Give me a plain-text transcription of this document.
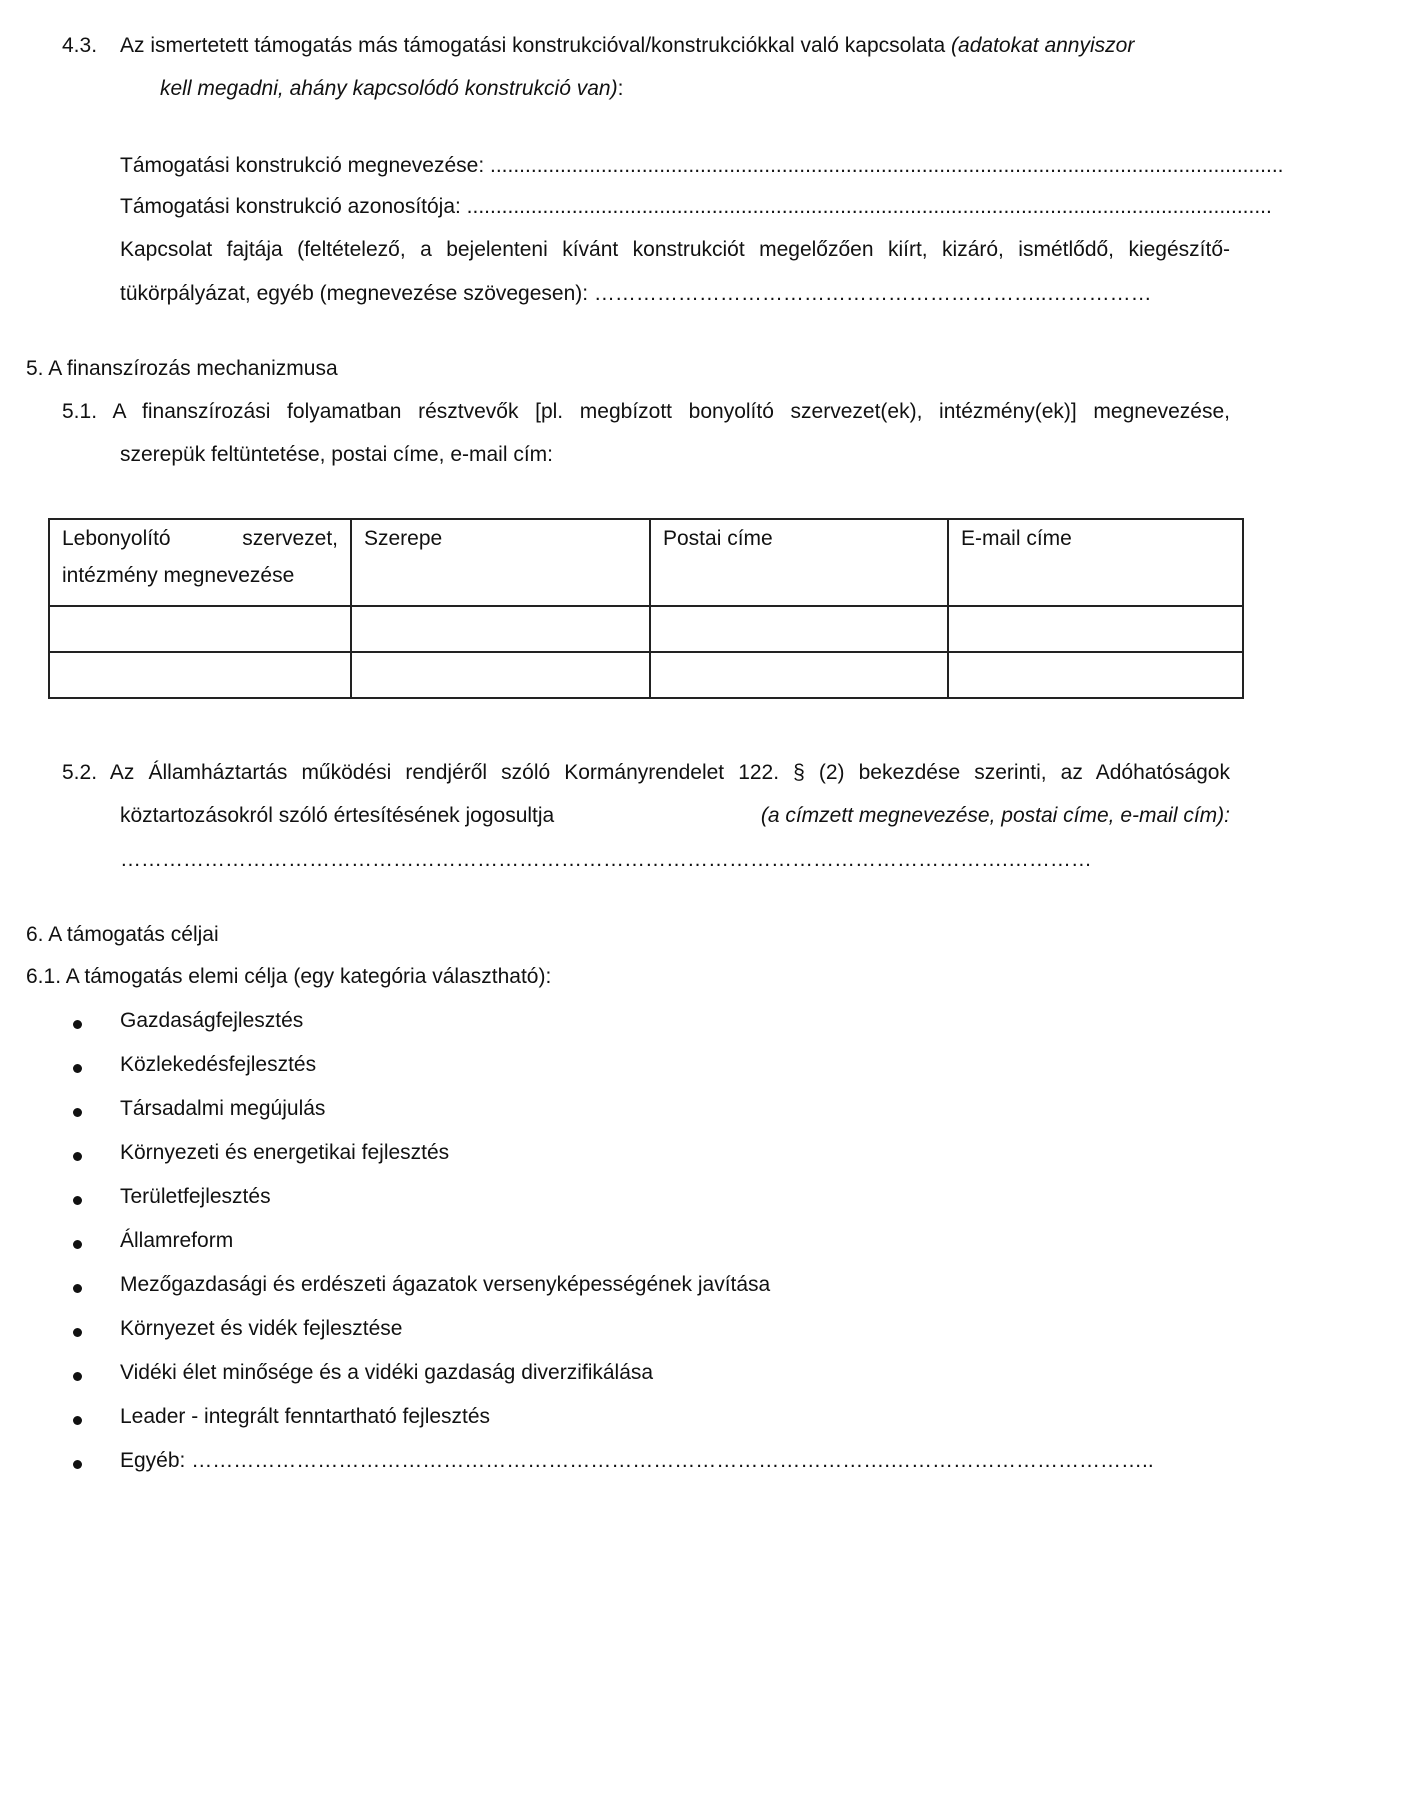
4.3. Az ismertetett támogatás más támogatási konstrukcióval/konstrukciókkal való kapcsolata (adatokat annyiszor
kell megadni, ahány kapcsolódó konstrukció van):
Támogatási konstrukció megnevezése: ........................................................................................................................................
Támogatási konstrukció azonosítója: ..........................................................................................................................................
Kapcsolat fajtája (feltételező, a bejelenteni kívánt konstrukciót megelőzően kiírt, kizáró, ismétlődő, kiegészítő-
tükörpályázat, egyéb (megnevezése szövegesen): ………………………………………………………..……………
5. A finanszírozás mechanizmusa
5.1. A finanszírozási folyamatban résztvevők [pl. megbízott bonyolító szervezet(ek), intézmény(ek)] megnevezése,
szerepük feltüntetése, postai címe, e-mail cím:
Lebonyolító szervezet,
intézmény megnevezése	Szerepe	Postai címe	E-mail címe

5.2. Az Államháztartás működési rendjéről szóló Kormányrendelet 122. § (2) bekezdése szerinti, az Adóhatóságok
köztartozásokról szóló értesítésének jogosultja	(a címzett megnevezése, postai címe, e-mail cím):
……………………………………………………………………………………………………………….…………
6. A támogatás céljai
6.1. A támogatás elemi célja (egy kategória választható):
Gazdaságfejlesztés
Közlekedésfejlesztés
Társadalmi megújulás
Környezeti és energetikai fejlesztés
Területfejlesztés
Államreform
Mezőgazdasági és erdészeti ágazatok versenyképességének javítása
Környezet és vidék fejlesztése
Vidéki élet minősége és a vidéki gazdaság diverzifikálása
Leader - integrált fenntartható fejlesztés
Egyéb: ……………………………………………………………………………………….………………………………..
